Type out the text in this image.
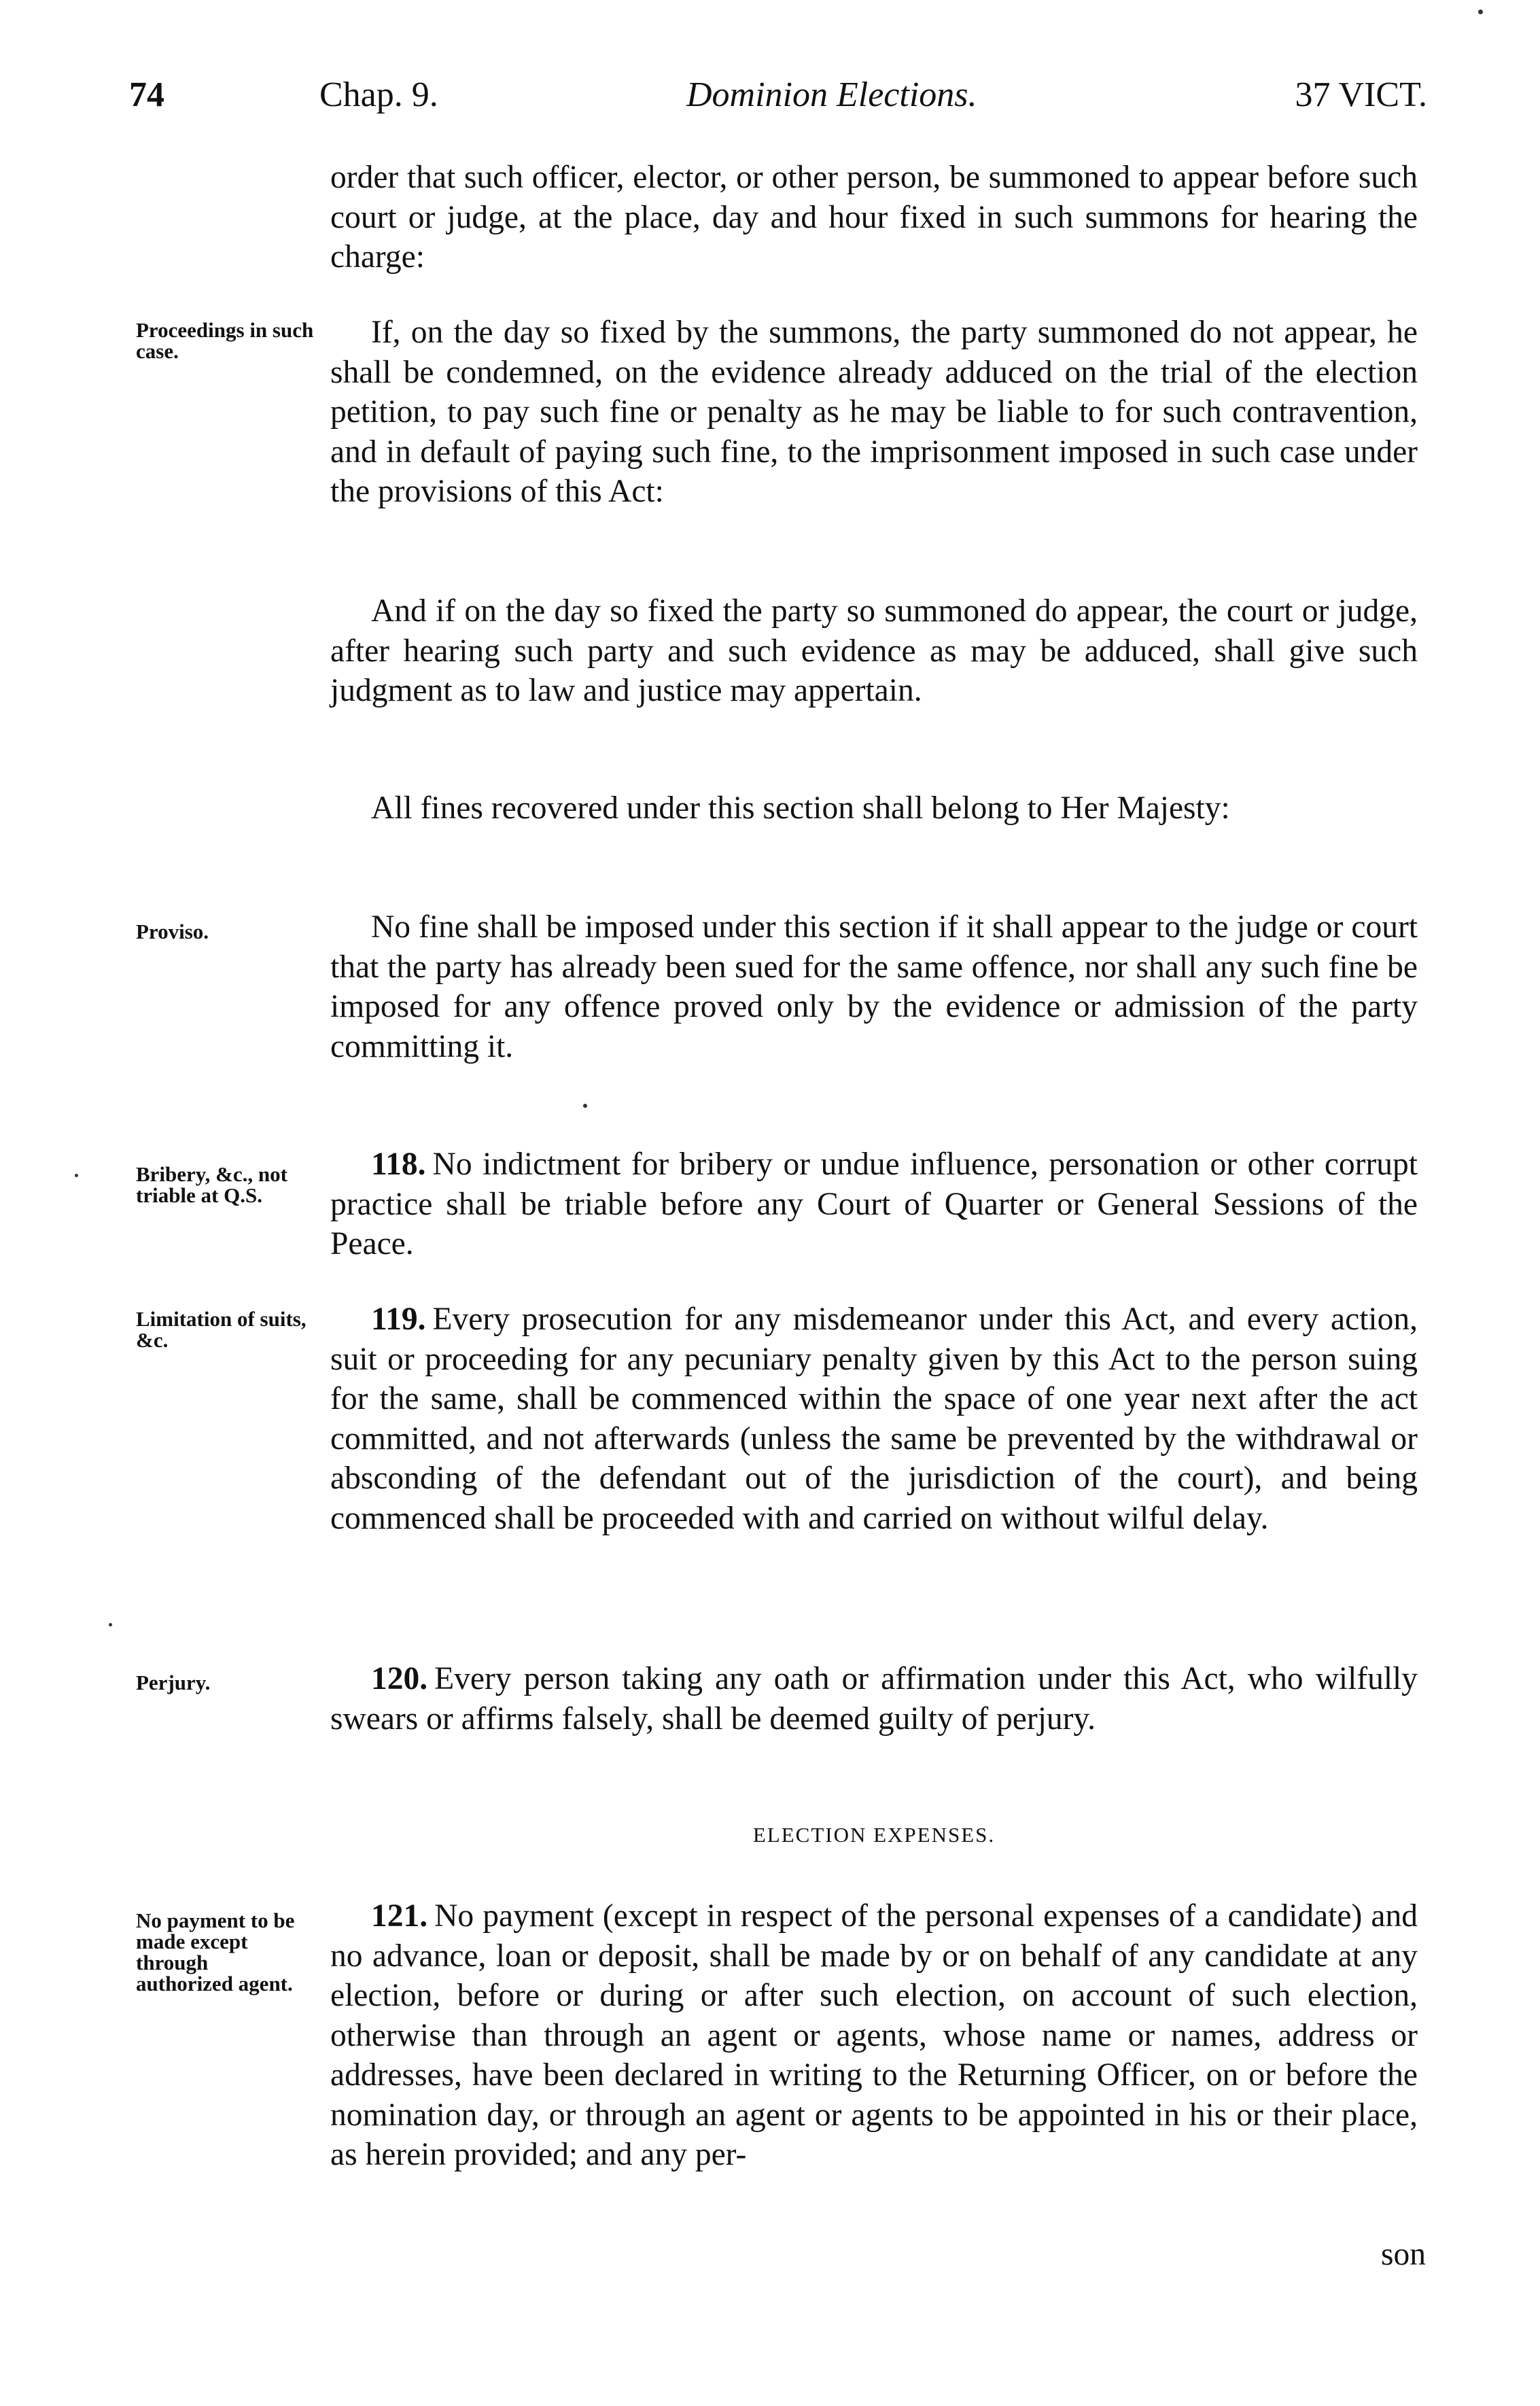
74	Chap. 9.	Dominion Elections.	37 VICT.
order that such officer, elector, or other person, be summoned to appear before such court or judge, at the place, day and hour fixed in such summons for hearing the charge:
Proceedings in such case.
If, on the day so fixed by the summons, the party summoned do not appear, he shall be condemned, on the evidence already adduced on the trial of the election petition, to pay such fine or penalty as he may be liable to for such contravention, and in default of paying such fine, to the imprisonment imposed in such case under the provisions of this Act:
And if on the day so fixed the party so summoned do appear, the court or judge, after hearing such party and such evidence as may be adduced, shall give such judgment as to law and justice may appertain.
All fines recovered under this section shall belong to Her Majesty:
Proviso.	No fine shall be imposed under this section if it shall appear to the judge or court that the party has already been sued for the same offence, nor shall any such fine be imposed for any offence proved only by the evidence or admission of the party committing it.
Bribery, &c., not triable at Q.S.
118. No indictment for bribery or undue influence, personation or other corrupt practice shall be triable before any Court of Quarter or General Sessions of the Peace.
Limitation of suits, &c.
119. Every prosecution for any misdemeanor under this Act, and every action, suit or proceeding for any pecuniary penalty given by this Act to the person suing for the same, shall be commenced within the space of one year next after the act committed, and not afterwards (unless the same be prevented by the withdrawal or absconding of the defendant out of the jurisdiction of the court), and being commenced shall be proceeded with and carried on without wilful delay.
Perjury.	120. Every person taking any oath or affirmation under this Act, who wilfully swears or affirms falsely, shall be deemed guilty of perjury.
ELECTION EXPENSES.
No payment to be made except through authorized agent.
121. No payment (except in respect of the personal expenses of a candidate) and no advance, loan or deposit, shall be made by or on behalf of any candidate at any election, before or during or after such election, on account of such election, otherwise than through an agent or agents, whose name or names, address or addresses, have been declared in writing to the Returning Officer, on or before the nomination day, or through an agent or agents to be appointed in his or their place, as herein provided; and any per-
son
